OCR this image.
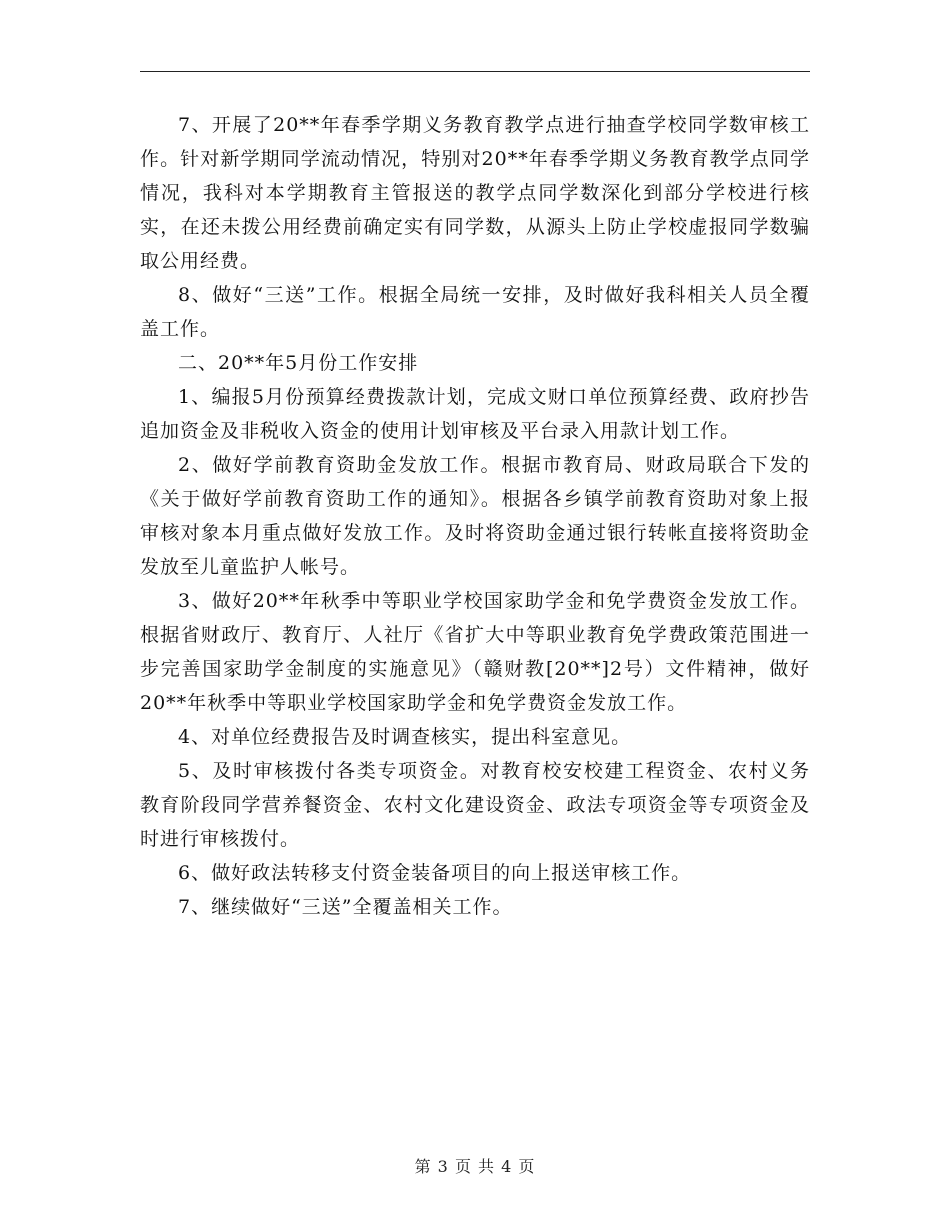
7、开展了20**年春季学期义务教育教学点进行抽查学校同学数审核工作。针对新学期同学流动情况，特别对20**年春季学期义务教育教学点同学情况，我科对本学期教育主管报送的教学点同学数深化到部分学校进行核实，在还未拨公用经费前确定实有同学数，从源头上防止学校虚报同学数骗取公用经费。

8、做好“三送”工作。根据全局统一安排，及时做好我科相关人员全覆盖工作。

二、20**年5月份工作安排

1、编报5月份预算经费拨款计划，完成文财口单位预算经费、政府抄告追加资金及非税收入资金的使用计划审核及平台录入用款计划工作。

2、做好学前教育资助金发放工作。根据市教育局、财政局联合下发的《关于做好学前教育资助工作的通知》。根据各乡镇学前教育资助对象上报审核对象本月重点做好发放工作。及时将资助金通过银行转帐直接将资助金发放至儿童监护人帐号。

3、做好20**年秋季中等职业学校国家助学金和免学费资金发放工作。根据省财政厅、教育厅、人社厅《省扩大中等职业教育免学费政策范围进一步完善国家助学金制度的实施意见》（赣财教[20**]2号）文件精神，做好20**年秋季中等职业学校国家助学金和免学费资金发放工作。

4、对单位经费报告及时调查核实，提出科室意见。

5、及时审核拨付各类专项资金。对教育校安校建工程资金、农村义务教育阶段同学营养餐资金、农村文化建设资金、政法专项资金等专项资金及时进行审核拨付。

6、做好政法转移支付资金装备项目的向上报送审核工作。

7、继续做好“三送”全覆盖相关工作。

第 3 页 共 4 页
